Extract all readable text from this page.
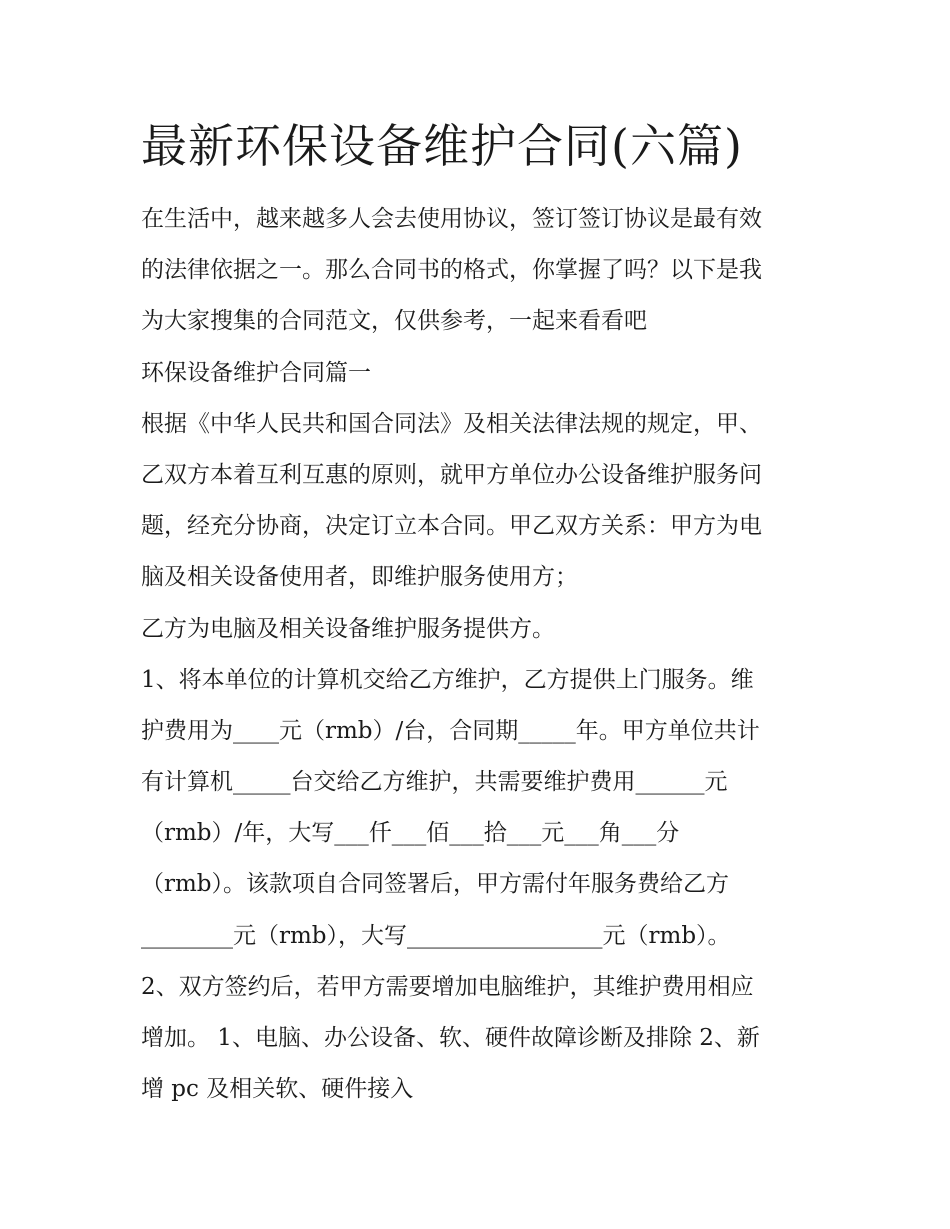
最新环保设备维护合同(六篇)
在生活中，越来越多人会去使用协议，签订签订协议是最有效
的法律依据之一。那么合同书的格式，你掌握了吗？以下是我
为大家搜集的合同范文，仅供参考，一起来看看吧
环保设备维护合同篇一
根据《中华人民共和国合同法》及相关法律法规的规定，甲、
乙双方本着互利互惠的原则，就甲方单位办公设备维护服务问
题，经充分协商，决定订立本合同。甲乙双方关系：甲方为电
脑及相关设备使用者，即维护服务使用方；
乙方为电脑及相关设备维护服务提供方。
1、将本单位的计算机交给乙方维护，乙方提供上门服务。维
护费用为____元（rmb）/台，合同期_____年。甲方单位共计
有计算机_____台交给乙方维护，共需要维护费用______元
（rmb）/年，大写___仟___佰___拾___元___角___分
（rmb）。该款项自合同签署后，甲方需付年服务费给乙方
________元（rmb），大写_________________元（rmb）。
2、双方签约后，若甲方需要增加电脑维护，其维护费用相应
增加。 1、电脑、办公设备、软、硬件故障诊断及排除 2、新
增 pc 及相关软、硬件接入
